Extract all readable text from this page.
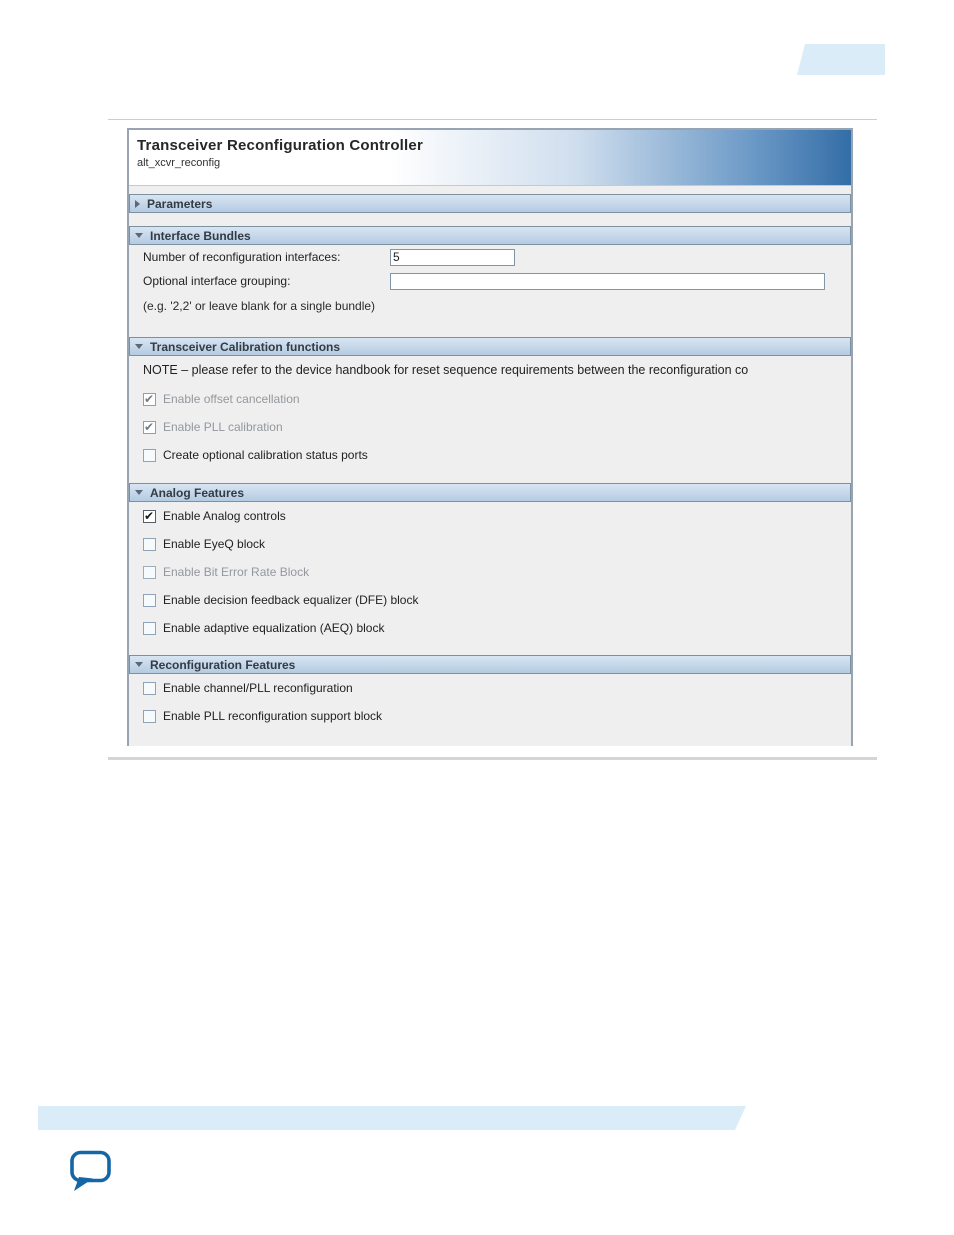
Transceiver Reconfiguration Controller
alt_xcvr_reconfig
Parameters
Interface Bundles
Number of reconfiguration interfaces:
5
Optional interface grouping:
(e.g. '2,2' or leave blank for a single bundle)
Transceiver Calibration functions
NOTE – please refer to the device handbook for reset sequence requirements between the reconfiguration co
✔
Enable offset cancellation
✔
Enable PLL calibration
Create optional calibration status ports
Analog Features
✔
Enable Analog controls
Enable EyeQ block
Enable Bit Error Rate Block
Enable decision feedback equalizer (DFE) block
Enable adaptive equalization (AEQ) block
Reconfiguration Features
Enable channel/PLL reconfiguration
Enable PLL reconfiguration support block
